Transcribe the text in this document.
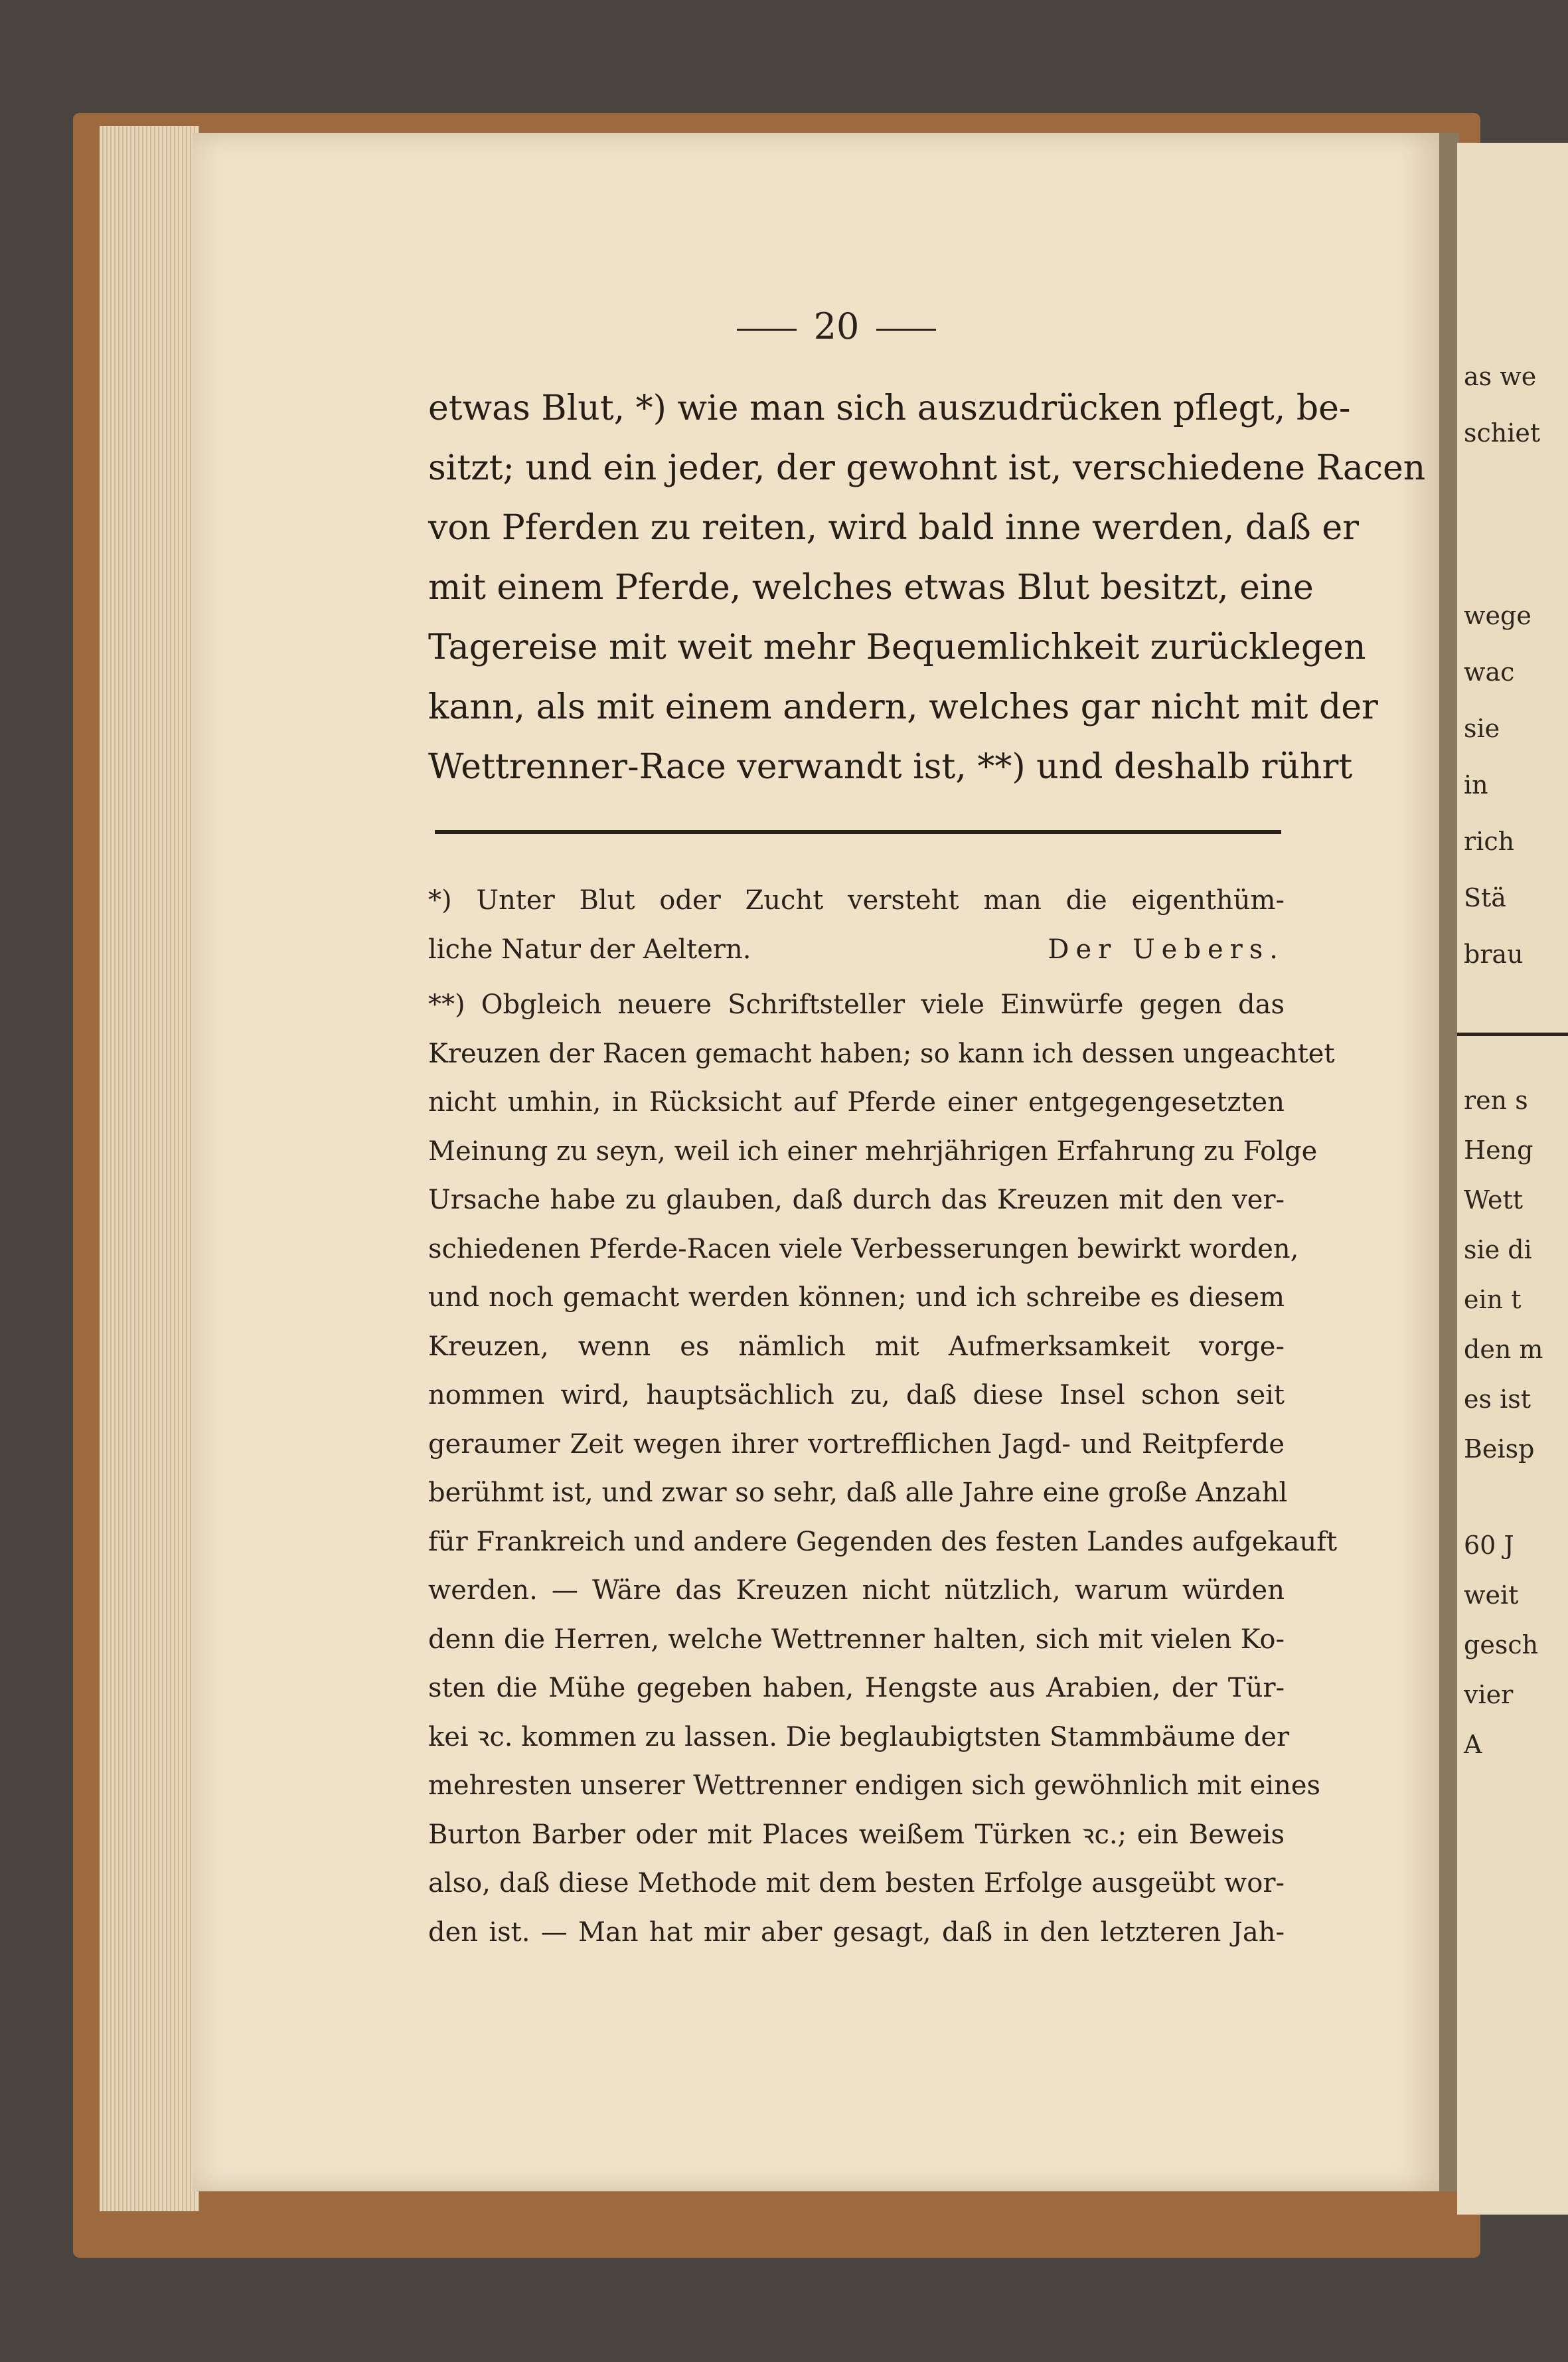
as we
schiet
wege
wac
sie
in
rich
Stä
brau
ren s
Heng
Wett
sie di
ein t
den m
es ist
Beisp
60 J
weit
gesch
vier
A
20
etwas Blut, *) wie man sich auszudrücken pflegt, be-
sitzt; und ein jeder, der gewohnt ist, verschiedene Racen
von Pferden zu reiten, wird bald inne werden, daß er
mit einem Pferde, welches etwas Blut besitzt, eine
Tagereise mit weit mehr Bequemlichkeit zurücklegen
kann, als mit einem andern, welches gar nicht mit der
Wettrenner-Race verwandt ist, **) und deshalb rührt
*) Unter Blut oder Zucht versteht man die eigenthüm-
liche Natur der Aeltern.	Der Uebers.
**) Obgleich neuere Schriftsteller viele Einwürfe gegen das
Kreuzen der Racen gemacht haben; so kann ich dessen ungeachtet
nicht umhin, in Rücksicht auf Pferde einer entgegengesetzten
Meinung zu seyn, weil ich einer mehrjährigen Erfahrung zu Folge
Ursache habe zu glauben, daß durch das Kreuzen mit den ver-
schiedenen Pferde-Racen viele Verbesserungen bewirkt worden,
und noch gemacht werden können; und ich schreibe es diesem
Kreuzen, wenn es nämlich mit Aufmerksamkeit vorge-
nommen wird, hauptsächlich zu, daß diese Insel schon seit
geraumer Zeit wegen ihrer vortrefflichen Jagd- und Reitpferde
berühmt ist, und zwar so sehr, daß alle Jahre eine große Anzahl
für Frankreich und andere Gegenden des festen Landes aufgekauft
werden. — Wäre das Kreuzen nicht nützlich, warum würden
denn die Herren, welche Wettrenner halten, sich mit vielen Ko-
sten die Mühe gegeben haben, Hengste aus Arabien, der Tür-
kei ꝛc. kommen zu lassen. Die beglaubigtsten Stammbäume der
mehresten unserer Wettrenner endigen sich gewöhnlich mit eines
Burton Barber oder mit Places weißem Türken ꝛc.; ein Beweis
also, daß diese Methode mit dem besten Erfolge ausgeübt wor-
den ist. — Man hat mir aber gesagt, daß in den letzteren Jah-
